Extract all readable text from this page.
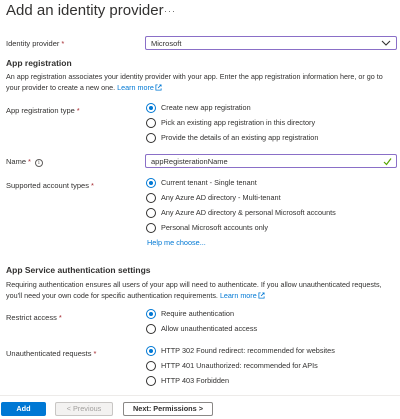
Add an identity provider ···
Identity provider *	Microsoft
App registration
An app registration associates your identity provider with your app. Enter the app registration information here, or go to your provider to create a new one. Learn more
App registration type *	Create new app registration
Pick an existing app registration in this directory
Provide the details of an existing app registration
Name * i	appRegisterationName
Supported account types *	Current tenant - Single tenant
Any Azure AD directory - Multi-tenant
Any Azure AD directory & personal Microsoft accounts
Personal Microsoft accounts only
Help me choose...
App Service authentication settings
Requiring authentication ensures all users of your app will need to authenticate. If you allow unauthenticated requests, you'll need your own code for specific authentication requirements. Learn more
Restrict access *	Require authentication
Allow unauthenticated access
Unauthenticated requests *	HTTP 302 Found redirect: recommended for websites
HTTP 401 Unauthorized: recommended for APIs
HTTP 403 Forbidden
Add	< Previous	Next: Permissions >
